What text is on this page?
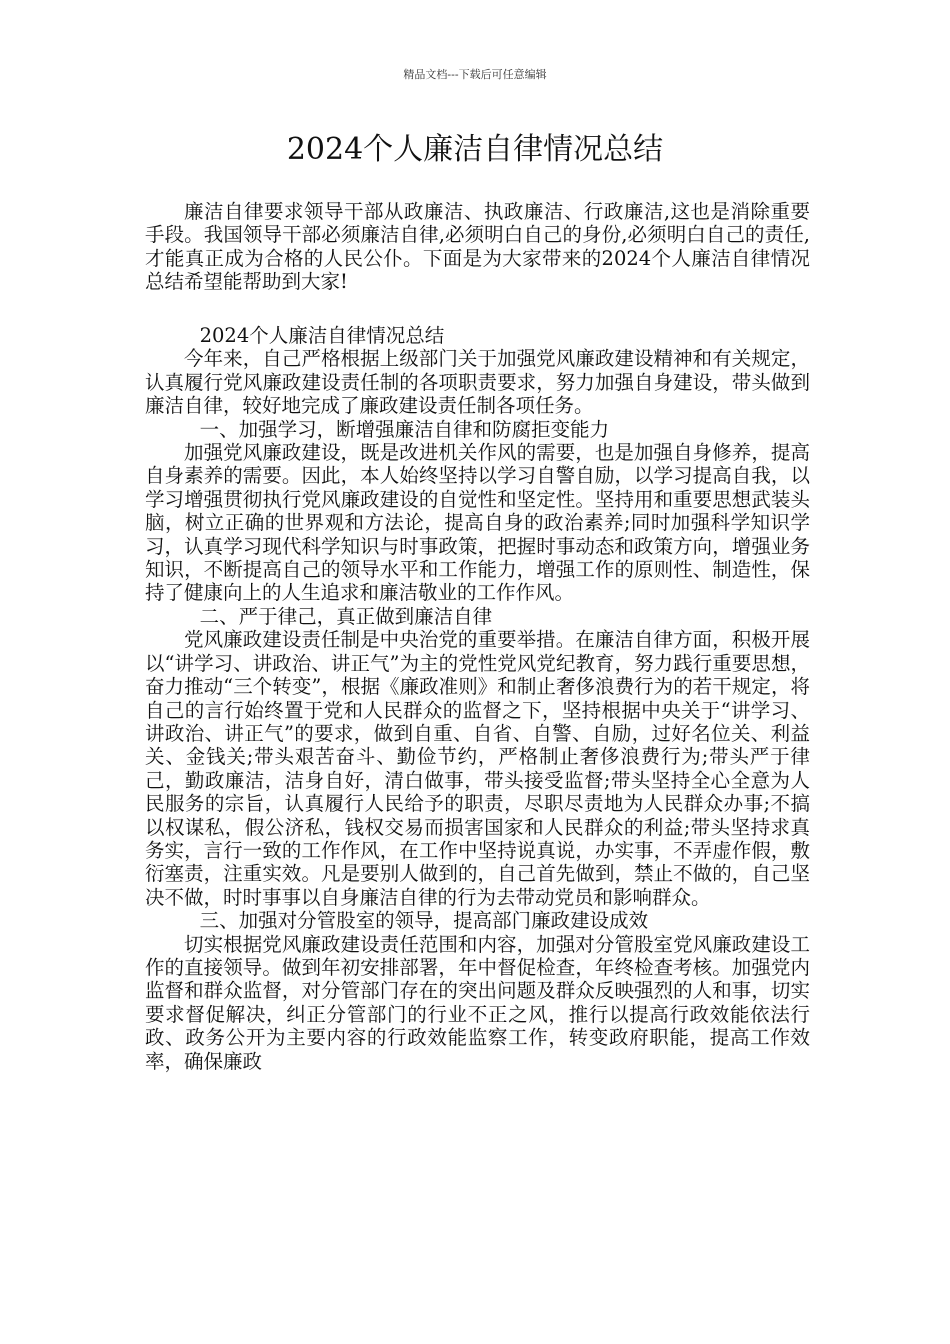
精品文档---下载后可任意编辑
2024个人廉洁自律情况总结

廉洁自律要求领导干部从政廉洁、执政廉洁、行政廉洁,这也是消除重要手段。我国领导干部必须廉洁自律,必须明白自己的身份,必须明白自己的责任,才能真正成为合格的人民公仆。下面是为大家带来的2024个人廉洁自律情况总结希望能帮助到大家!

2024个人廉洁自律情况总结

今年来，自己严格根据上级部门关于加强党风廉政建设精神和有关规定，认真履行党风廉政建设责任制的各项职责要求，努力加强自身建设，带头做到廉洁自律，较好地完成了廉政建设责任制各项任务。

一、加强学习，断增强廉洁自律和防腐拒变能力

加强党风廉政建设，既是改进机关作风的需要，也是加强自身修养，提高自身素养的需要。因此，本人始终坚持以学习自警自励，以学习提高自我，以学习增强贯彻执行党风廉政建设的自觉性和坚定性。坚持用和重要思想武装头脑，树立正确的世界观和方法论，提高自身的政治素养;同时加强科学知识学习，认真学习现代科学知识与时事政策，把握时事动态和政策方向，增强业务知识，不断提高自己的领导水平和工作能力，增强工作的原则性、制造性，保持了健康向上的人生追求和廉洁敬业的工作作风。

二、严于律己，真正做到廉洁自律

党风廉政建设责任制是中央治党的重要举措。在廉洁自律方面，积极开展以“讲学习、讲政治、讲正气”为主的党性党风党纪教育，努力践行重要思想，奋力推动“三个转变”，根据《廉政准则》和制止奢侈浪费行为的若干规定，将自己的言行始终置于党和人民群众的监督之下，坚持根据中央关于“讲学习、讲政治、讲正气”的要求，做到自重、自省、自警、自励，过好名位关、利益关、金钱关;带头艰苦奋斗、勤俭节约，严格制止奢侈浪费行为;带头严于律己，勤政廉洁，洁身自好，清白做事，带头接受监督;带头坚持全心全意为人民服务的宗旨，认真履行人民给予的职责，尽职尽责地为人民群众办事;不搞以权谋私，假公济私，钱权交易而损害国家和人民群众的利益;带头坚持求真务实，言行一致的工作作风，在工作中坚持说真说，办实事，不弄虚作假，敷衍塞责，注重实效。凡是要别人做到的，自己首先做到，禁止不做的，自己坚决不做，时时事事以自身廉洁自律的行为去带动党员和影响群众。

三、加强对分管股室的领导，提高部门廉政建设成效

切实根据党风廉政建设责任范围和内容，加强对分管股室党风廉政建设工作的直接领导。做到年初安排部署，年中督促检查，年终检查考核。加强党内监督和群众监督，对分管部门存在的突出问题及群众反映强烈的人和事，切实要求督促解决，纠正分管部门的行业不正之风，推行以提高行政效能依法行政、政务公开为主要内容的行政效能监察工作，转变政府职能，提高工作效率，确保廉政
